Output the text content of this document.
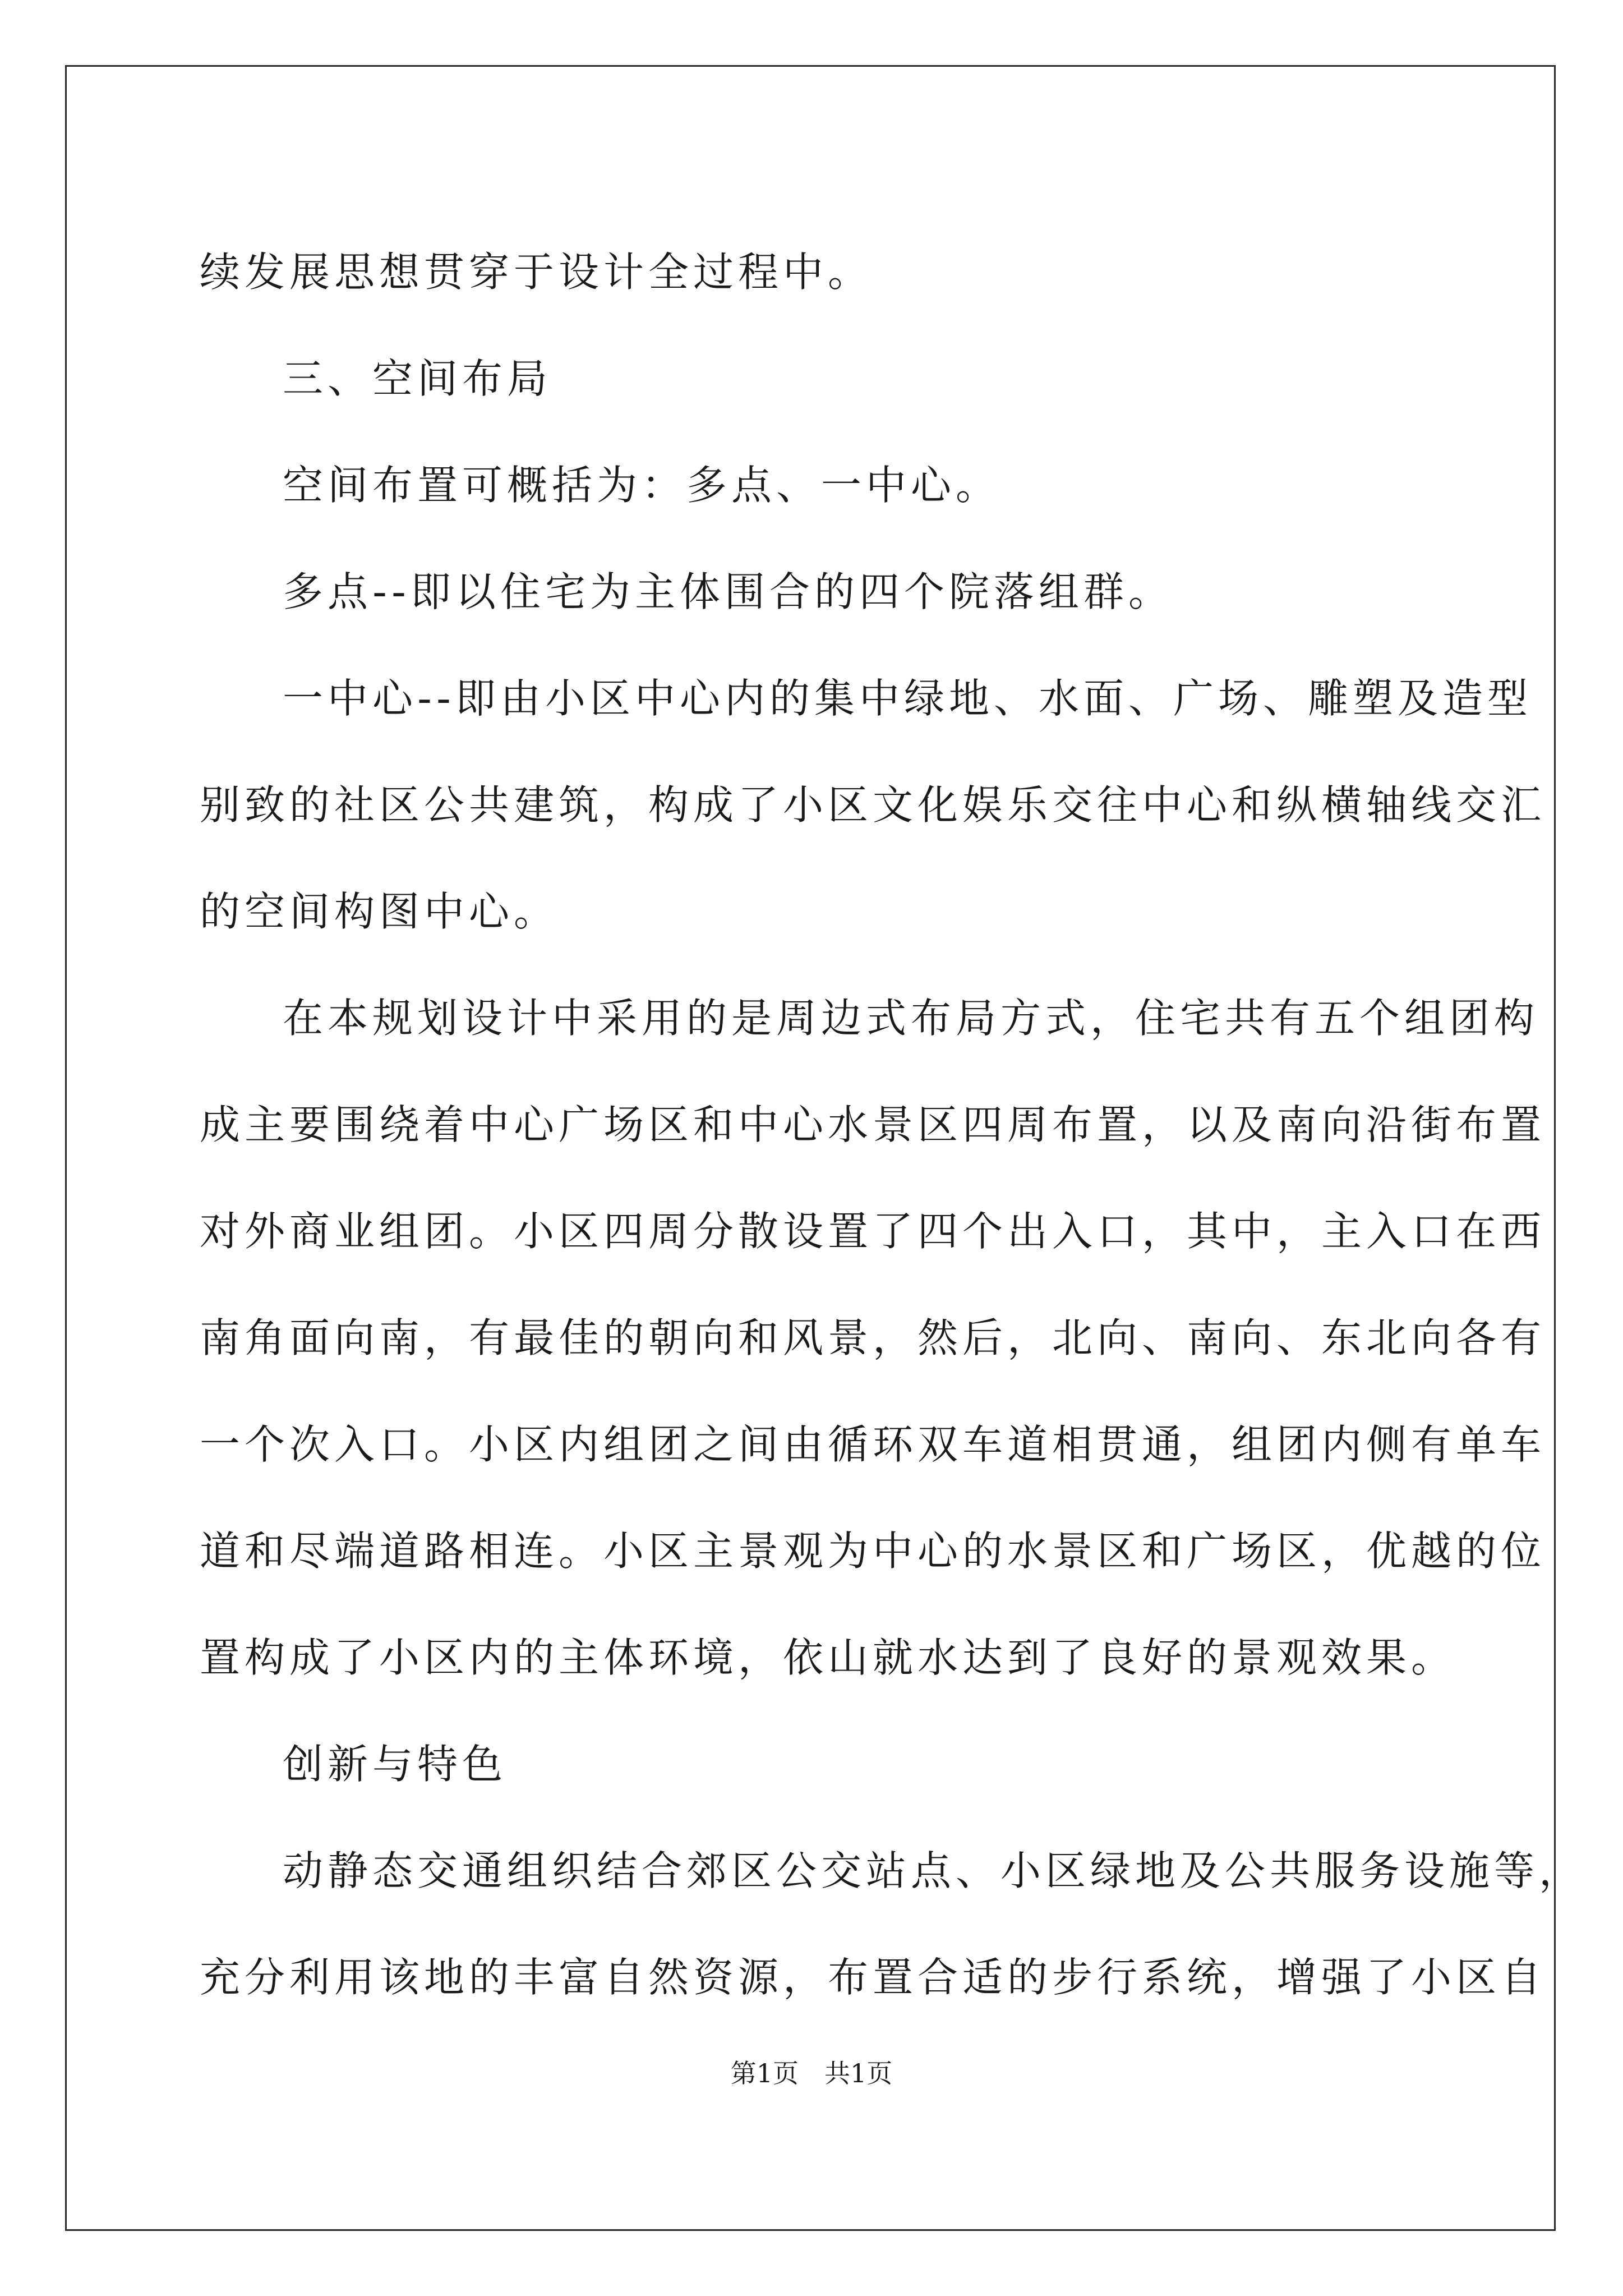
续发展思想贯穿于设计全过程中。

三、空间布局

空间布置可概括为：多点、一中心。

多点--即以住宅为主体围合的四个院落组群。

一中心--即由小区中心内的集中绿地、水面、广场、雕塑及造型

别致的社区公共建筑，构成了小区文化娱乐交往中心和纵横轴线交汇

的空间构图中心。

在本规划设计中采用的是周边式布局方式，住宅共有五个组团构

成主要围绕着中心广场区和中心水景区四周布置，以及南向沿街布置

对外商业组团。小区四周分散设置了四个出入口，其中，主入口在西

南角面向南，有最佳的朝向和风景，然后，北向、南向、东北向各有

一个次入口。小区内组团之间由循环双车道相贯通，组团内侧有单车

道和尽端道路相连。小区主景观为中心的水景区和广场区，优越的位

置构成了小区内的主体环境，依山就水达到了良好的景观效果。

创新与特色

动静态交通组织结合郊区公交站点、小区绿地及公共服务设施等，

充分利用该地的丰富自然资源，布置合适的步行系统，增强了小区自

第1页　共1页
